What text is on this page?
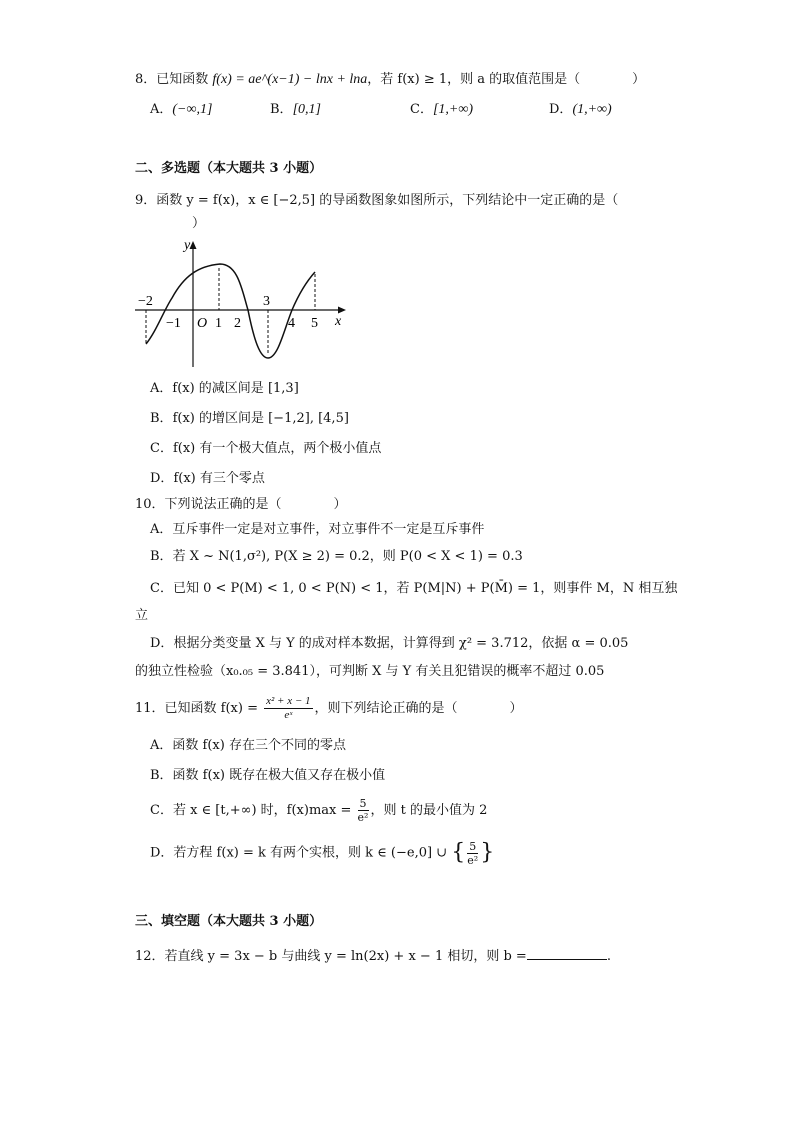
8．已知函数 f(x) = ae^(x−1) − lnx + lna，若 f(x) ≥ 1，则 a 的取值范围是（　　　　）
A．(−∞,1]	B．[0,1]	C．[1,+∞)	D．(1,+∞)
二、多选题（本大题共 3 小题）
9．函数 y = f(x)，x ∈ [−2,5] 的导函数图象如图所示，下列结论中一定正确的是（
）
y
x
O
−2	3
−1 1 2	4 5
A．f(x) 的减区间是 [1,3]
B．f(x) 的增区间是 [−1,2], [4,5]
C．f(x) 有一个极大值点，两个极小值点
D．f(x) 有三个零点
10．下列说法正确的是（　　　　）
A．互斥事件一定是对立事件，对立事件不一定是互斥事件
B．若 X ~ N(1,σ²), P(X ≥ 2) = 0.2，则 P(0 < X < 1) = 0.3
C．已知 0 < P(M) < 1, 0 < P(N) < 1，若 P(M|N) + P(M̄) = 1，则事件 M，N 相互独
立
D．根据分类变量 X 与 Y 的成对样本数据，计算得到 χ² = 3.712，依据 α = 0.05
的独立性检验（x₀.₀₅ = 3.841），可判断 X 与 Y 有关且犯错误的概率不超过 0.05
11．已知函数 $f(x) = \frac{\text{x² + x − 1}}{\text{eˣ}}$ ，则下列结论正确的是（　　　　）
A．函数 f(x) 存在三个不同的零点
B．函数 f(x) 既存在极大值又存在极小值
C．若 x ∈ [t,+∞) 时，$f(x)\max = \frac{5}{\text{e²}}$ ，则 t 的最小值为 2
D．若方程 f(x) = k 有两个实根，则 k ∈ (−e,0] ∪ { $\frac{5}{\text{e²}}$ }
三、填空题（本大题共 3 小题）
12．若直线 y = 3x − b 与曲线 y = ln(2x) + x − 1 相切，则 b =	.
